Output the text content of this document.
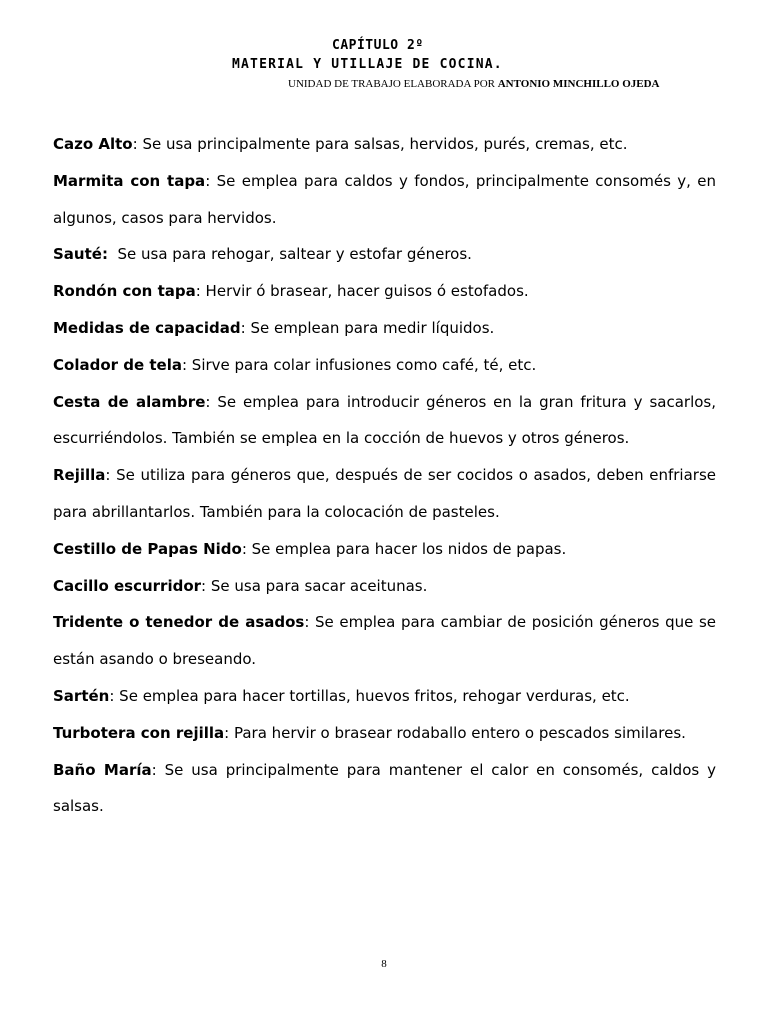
CAPÍTULO 2º
MATERIAL Y UTILLAJE DE COCINA.
UNIDAD DE TRABAJO ELABORADA POR ANTONIO MINCHILLO OJEDA

Cazo Alto: Se usa principalmente para salsas, hervidos, purés, cremas, etc.

Marmita con tapa: Se emplea para caldos y fondos, principalmente consomés y, en algunos, casos para hervidos.

Sauté:  Se usa para rehogar, saltear y estofar géneros.

Rondón con tapa: Hervir ó brasear, hacer guisos ó estofados.

Medidas de capacidad: Se emplean para medir líquidos.

Colador de tela: Sirve para colar infusiones como café, té, etc.

Cesta de alambre: Se emplea para introducir géneros en la gran fritura y sacarlos, escurriéndolos. También se emplea en la cocción de huevos y otros géneros.

Rejilla: Se utiliza para géneros que, después de ser cocidos o asados, deben enfriarse para abrillantarlos. También para la colocación de pasteles.

Cestillo de Papas Nido: Se emplea para hacer los nidos de papas.

Cacillo escurridor: Se usa para sacar aceitunas.

Tridente o tenedor de asados: Se emplea para cambiar de posición géneros que se están asando o breseando.

Sartén: Se emplea para hacer tortillas, huevos fritos, rehogar verduras, etc.

Turbotera con rejilla: Para hervir o brasear rodaballo entero o pescados similares.

Baño María: Se usa principalmente para mantener el calor en consomés, caldos y salsas.

8
